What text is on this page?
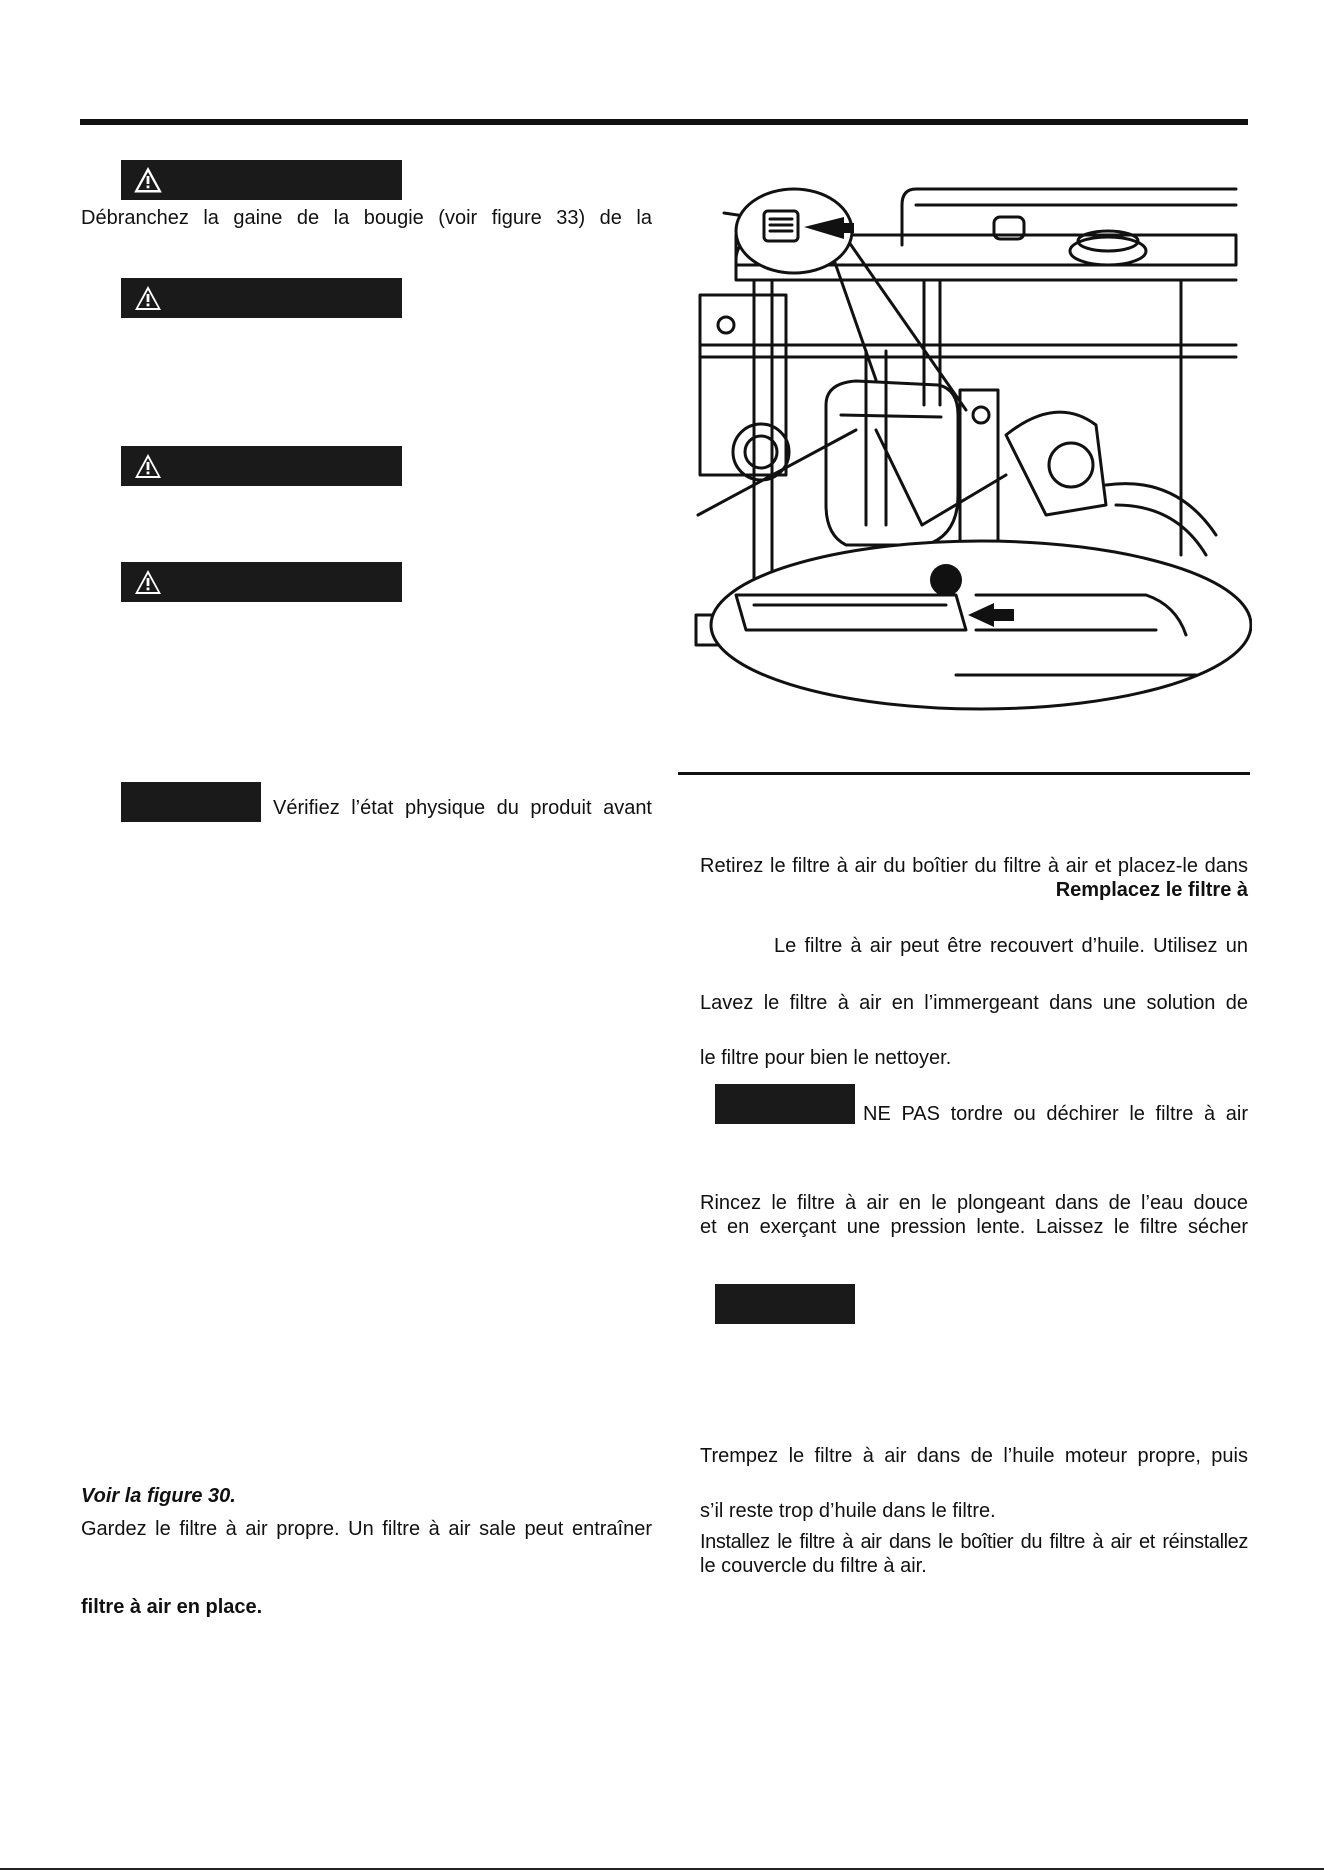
Débranchez la gaine de la bougie (voir figure 33) de la
Vérifiez l’état physique du produit avant
Voir la figure 30.
Gardez le filtre à air propre. Un filtre à air sale peut entraîner
filtre à air en place.
Retirez le filtre à air du boîtier du filtre à air et placez-le dans
Remplacez le filtre à
Le filtre à air peut être recouvert d’huile. Utilisez un
Lavez le filtre à air en l’immergeant dans une solution de
le filtre pour bien le nettoyer.
NE PAS tordre ou déchirer le filtre à air
Rincez le filtre à air en le plongeant dans de l’eau douce
et en exerçant une pression lente. Laissez le filtre sécher
Trempez le filtre à air dans de l’huile moteur propre, puis
s’il reste trop d’huile dans le filtre.
Installez le filtre à air dans le boîtier du filtre à air et réinstallez
le couvercle du filtre à air.
